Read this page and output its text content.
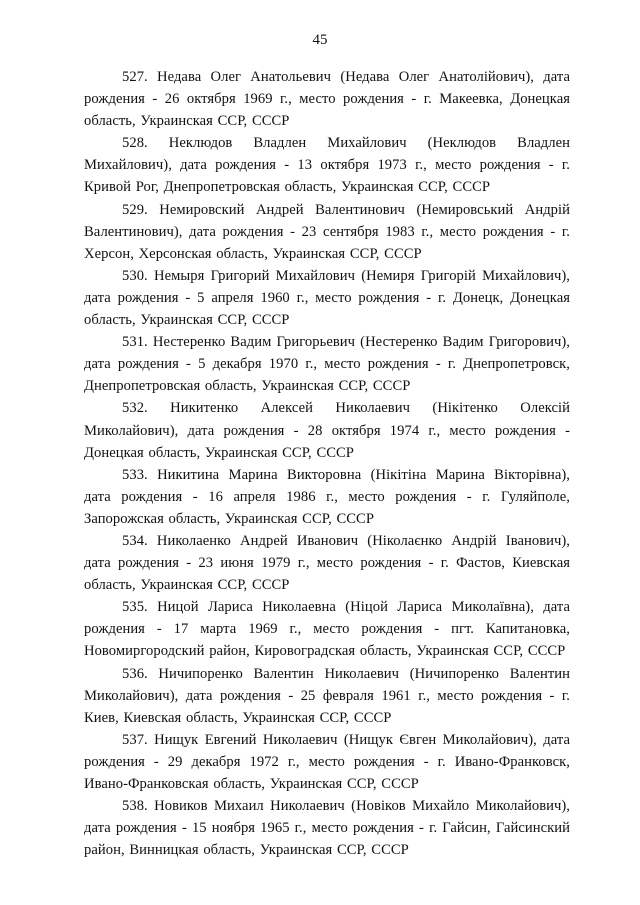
45

527. Недава Олег Анатольевич (Недава Олег Анатолійович), дата рождения - 26 октября 1969 г., место рождения - г. Макеевка, Донецкая область, Украинская ССР, СССР

528. Неклюдов Владлен Михайлович (Неклюдов Владлен Михайлович), дата рождения - 13 октября 1973 г., место рождения - г. Кривой Рог, Днепропетровская область, Украинская ССР, СССР

529. Немировский Андрей Валентинович (Немировський Андрій Валентинович), дата рождения - 23 сентября 1983 г., место рождения - г. Херсон, Херсонская область, Украинская ССР, СССР

530. Немыря Григорий Михайлович (Немиря Григорій Михайлович), дата рождения - 5 апреля 1960 г., место рождения - г. Донецк, Донецкая область, Украинская ССР, СССР

531. Нестеренко Вадим Григорьевич (Нестеренко Вадим Григорович), дата рождения - 5 декабря 1970 г., место рождения - г. Днепропетровск, Днепропетровская область, Украинская ССР, СССР

532. Никитенко Алексей Николаевич (Нікітенко Олексій Миколайович), дата рождения - 28 октября 1974 г., место рождения - Донецкая область, Украинская ССР, СССР

533. Никитина Марина Викторовна (Нікітіна Марина Вікторівна), дата рождения - 16 апреля 1986 г., место рождения - г. Гуляйполе, Запорожская область, Украинская ССР, СССР

534. Николаенко Андрей Иванович (Ніколаєнко Андрій Іванович), дата рождения - 23 июня 1979 г., место рождения - г. Фастов, Киевская область, Украинская ССР, СССР

535. Ницой Лариса Николаевна (Ніцой Лариса Миколаївна), дата рождения - 17 марта 1969 г., место рождения - пгт. Капитановка, Новомиргородский район, Кировоградская область, Украинская ССР, СССР

536. Ничипоренко Валентин Николаевич (Ничипоренко Валентин Миколайович), дата рождения - 25 февраля 1961 г., место рождения - г. Киев, Киевская область, Украинская ССР, СССР

537. Нищук Евгений Николаевич (Нищук Євген Миколайович), дата рождения - 29 декабря 1972 г., место рождения - г. Ивано-Франковск, Ивано-Франковская область, Украинская ССР, СССР

538. Новиков Михаил Николаевич (Новіков Михайло Миколайович), дата рождения - 15 ноября 1965 г., место рождения - г. Гайсин, Гайсинский район, Винницкая область, Украинская ССР, СССР
